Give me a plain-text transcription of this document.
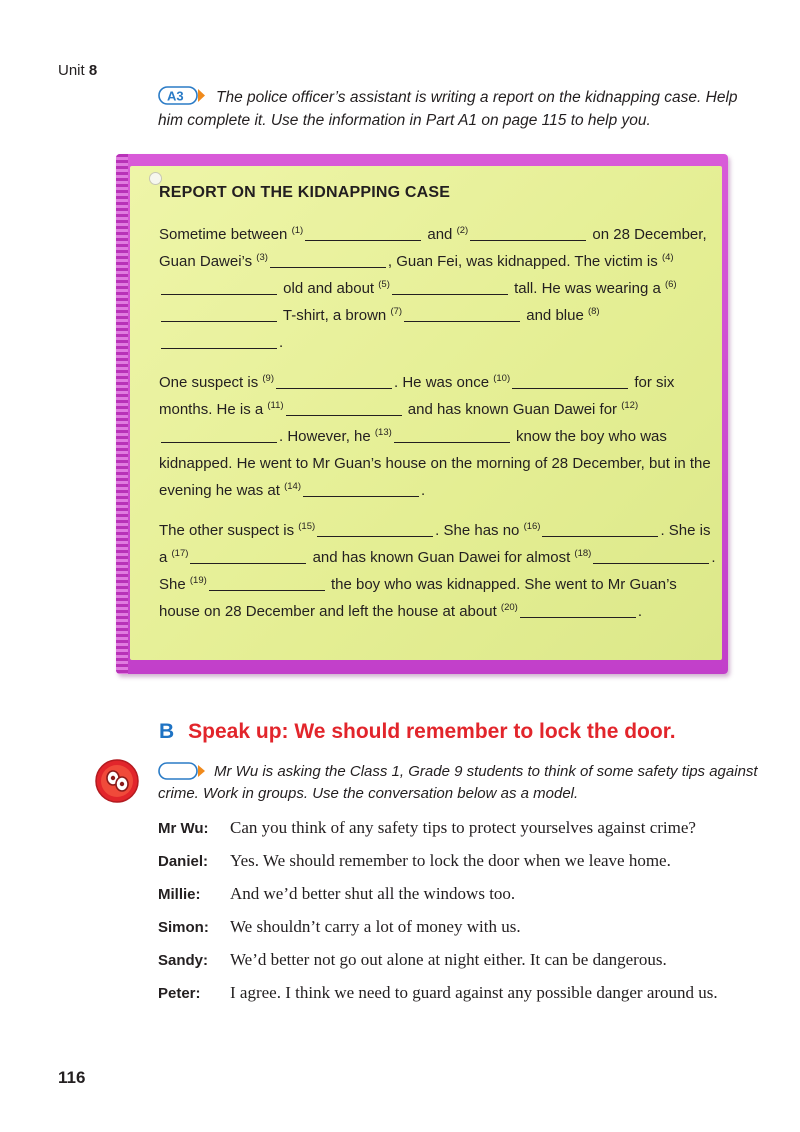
Unit 8
A3	The police officer’s assistant is writing a report on the kidnapping case. Help him complete it. Use the information in Part A1 on page 115 to help you.
REPORT ON THE KIDNAPPING CASE
Sometime between $^{(1)}$	and $^{(2)}$	on 28 December, Guan Dawei’s $^{(3)}$	, Guan Fei, was kidnapped. The victim is $^{(4)}$ old and about $^{(5)}$	tall. He was wearing a $^{(6)}$ T-shirt, a brown $^{(7)}$	and blue $^{(8)}$.
One suspect is $^{(9)}$	. He was once $^{(10)}$	for six months. He is a $^{(11)}$	and has known Guan Dawei for $^{(12)}$. However, he $^{(13)}$	know the boy who was kidnapped. He went to Mr Guan’s house on the morning of 28 December, but in the evening he was at $^{(14)}$	.
The other suspect is $^{(15)}$	. She has no $^{(16)}$	. She is a $^{(17)}$	and has known Guan Dawei for almost $^{(18)}$	. She $^{(19)}$	the boy who was kidnapped. She went to Mr Guan’s house on 28 December and left the house at about $^{(20)}$	.
B Speak up: We should remember to lock the door.
Mr Wu is asking the Class 1, Grade 9 students to think of some safety tips against crime. Work in groups. Use the conversation below as a model.
Mr Wu:	Can you think of any safety tips to protect yourselves against crime?
Daniel:	Yes. We should remember to lock the door when we leave home.
Millie:	And we’d better shut all the windows too.
Simon:	We shouldn’t carry a lot of money with us.
Sandy:	We’d better not go out alone at night either. It can be dangerous.
Peter:	I agree. I think we need to guard against any possible danger around us.
116
